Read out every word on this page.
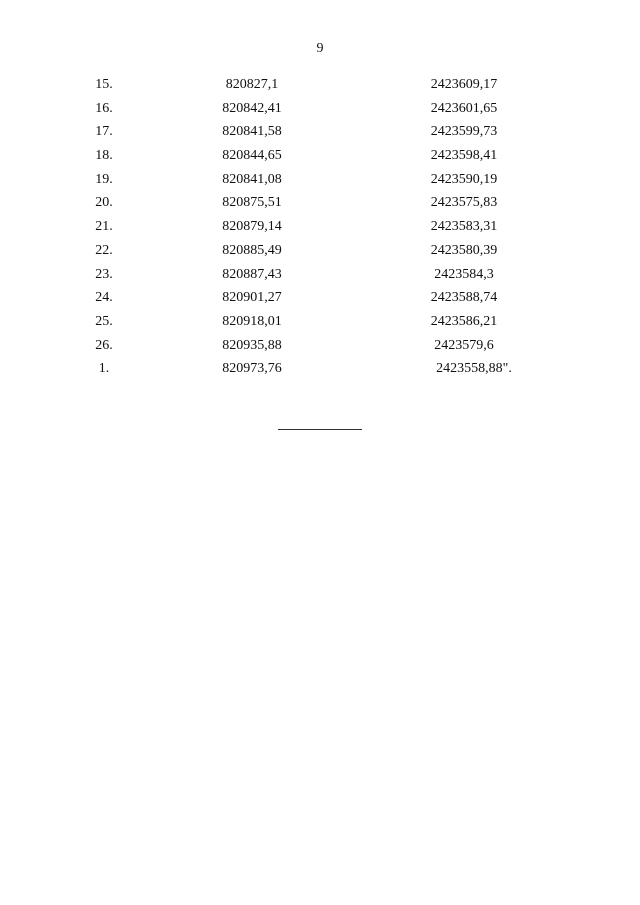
9
15.	820827,1	2423609,17
16.	820842,41	2423601,65
17.	820841,58	2423599,73
18.	820844,65	2423598,41
19.	820841,08	2423590,19
20.	820875,51	2423575,83
21.	820879,14	2423583,31
22.	820885,49	2423580,39
23.	820887,43	2423584,3
24.	820901,27	2423588,74
25.	820918,01	2423586,21
26.	820935,88	2423579,6
1.	820973,76	2423558,88".
